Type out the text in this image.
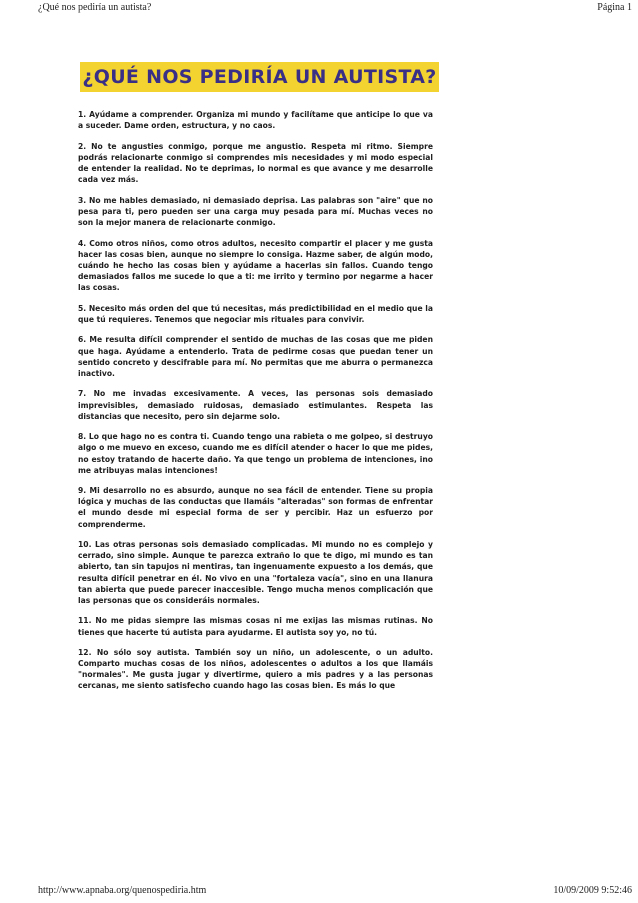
¿Qué nos pediría un autista?	Página 1
¿QUÉ NOS PEDIRÍA UN AUTISTA?

1. Ayúdame a comprender. Organiza mi mundo y facilítame que anticipe lo que va a suceder. Dame orden, estructura, y no caos.

2. No te angusties conmigo, porque me angustio. Respeta mi ritmo. Siempre podrás relacionarte conmigo si comprendes mis necesidades y mi modo especial de entender la realidad. No te deprimas, lo normal es que avance y me desarrolle cada vez más.

3. No me hables demasiado, ni demasiado deprisa. Las palabras son "aire" que no pesa para ti, pero pueden ser una carga muy pesada para mí. Muchas veces no son la mejor manera de relacionarte conmigo.

4. Como otros niños, como otros adultos, necesito compartir el placer y me gusta hacer las cosas bien, aunque no siempre lo consiga. Hazme saber, de algún modo, cuándo he hecho las cosas bien y ayúdame a hacerlas sin fallos. Cuando tengo demasiados fallos me sucede lo que a ti: me irrito y termino por negarme a hacer las cosas.

5. Necesito más orden del que tú necesitas, más predictibilidad en el medio que la que tú requieres. Tenemos que negociar mis rituales para convivir.

6. Me resulta difícil comprender el sentido de muchas de las cosas que me piden que haga. Ayúdame a entenderlo. Trata de pedirme cosas que puedan tener un sentido concreto y descifrable para mí. No permitas que me aburra o permanezca inactivo.

7. No me invadas excesivamente. A veces, las personas sois demasiado imprevisibles, demasiado ruidosas, demasiado estimulantes. Respeta las distancias que necesito, pero sin dejarme solo.

8. Lo que hago no es contra ti. Cuando tengo una rabieta o me golpeo, si destruyo algo o me muevo en exceso, cuando me es difícil atender o hacer lo que me pides, no estoy tratando de hacerte daño. Ya que tengo un problema de intenciones, ino me atribuyas malas intenciones!

9. Mi desarrollo no es absurdo, aunque no sea fácil de entender. Tiene su propia lógica y muchas de las conductas que llamáis "alteradas" son formas de enfrentar el mundo desde mi especial forma de ser y percibir. Haz un esfuerzo por comprenderme.

10. Las otras personas sois demasiado complicadas. Mi mundo no es complejo y cerrado, sino simple. Aunque te parezca extraño lo que te digo, mi mundo es tan abierto, tan sin tapujos ni mentiras, tan ingenuamente expuesto a los demás, que resulta difícil penetrar en él. No vivo en una "fortaleza vacía", sino en una llanura tan abierta que puede parecer inaccesible. Tengo mucha menos complicación que las personas que os consideráis normales.

11. No me pidas siempre las mismas cosas ni me exijas las mismas rutinas. No tienes que hacerte tú autista para ayudarme. El autista soy yo, no tú.

12. No sólo soy autista. También soy un niño, un adolescente, o un adulto. Comparto muchas cosas de los niños, adolescentes o adultos a los que llamáis "normales". Me gusta jugar y divertirme, quiero a mis padres y a las personas cercanas, me siento satisfecho cuando hago las cosas bien. Es más lo que

http://www.apnaba.org/quenospediria.htm	10/09/2009 9:52:46
